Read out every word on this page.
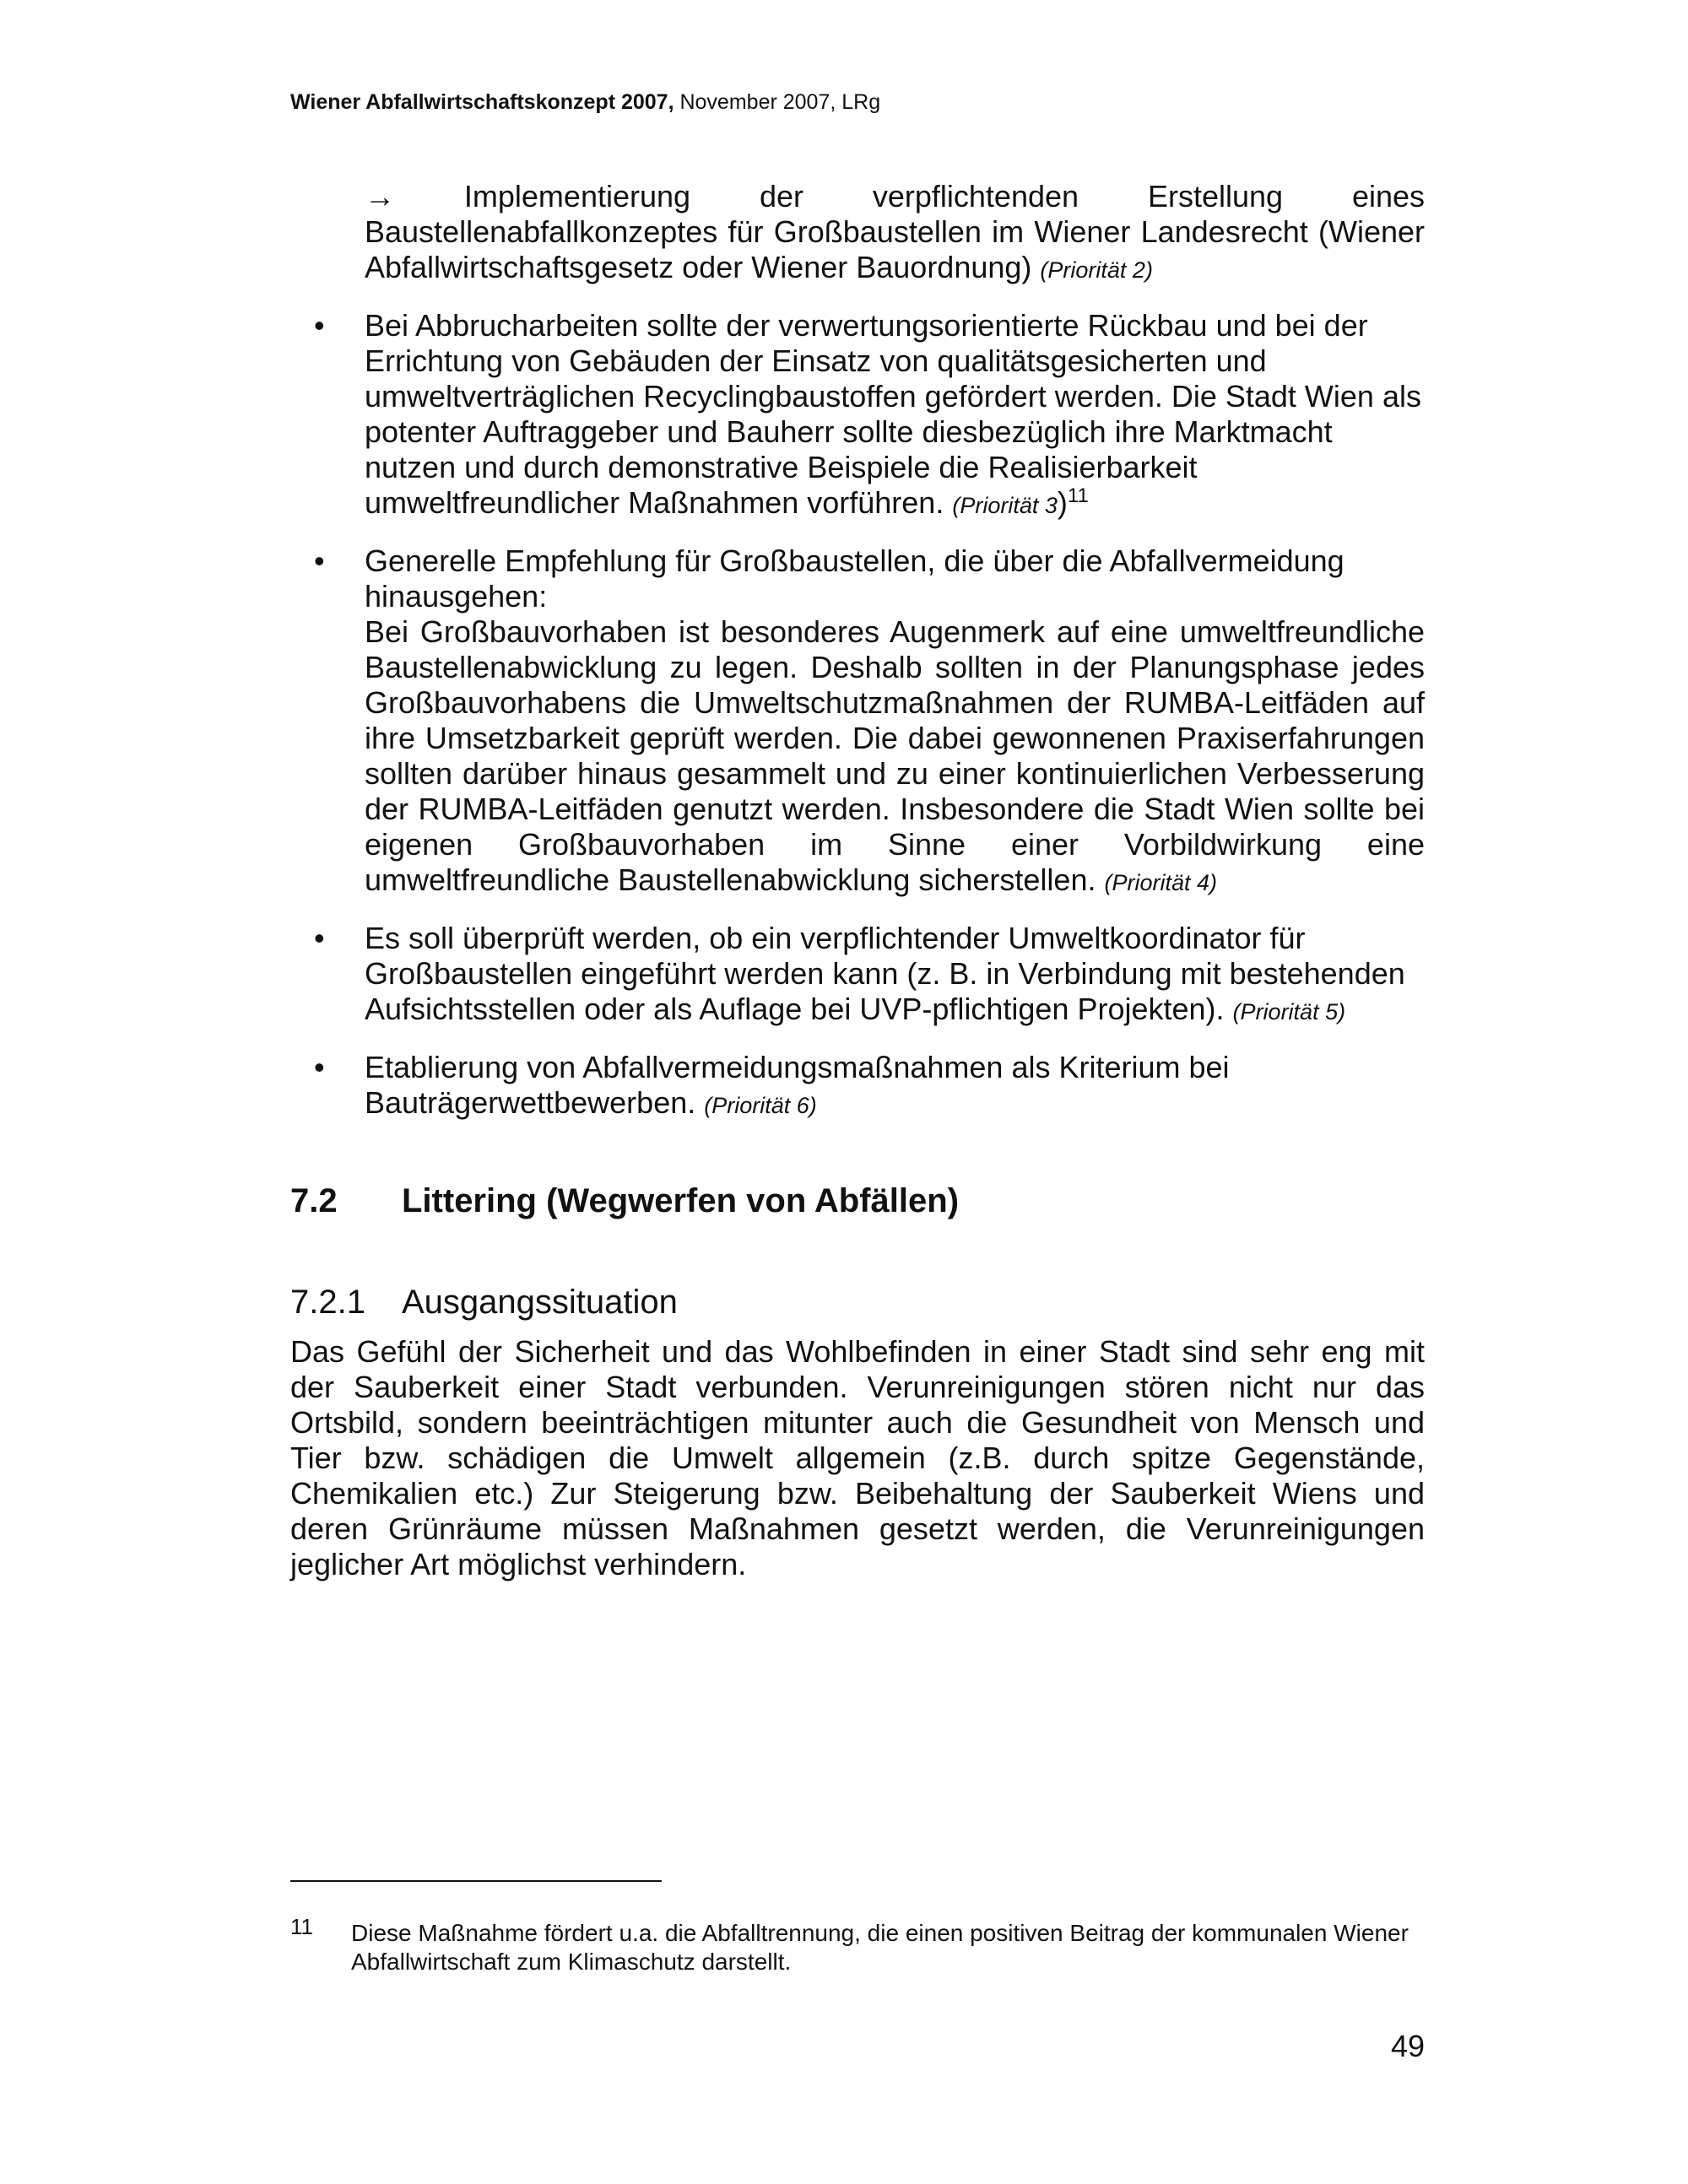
Wiener Abfallwirtschaftskonzept 2007, November 2007, LRg
→ Implementierung der verpflichtenden Erstellung eines Baustellenabfallkonzeptes für Großbaustellen im Wiener Landesrecht (Wiener Abfallwirtschaftsgesetz oder Wiener Bauordnung) (Priorität 2)
• Bei Abbrucharbeiten sollte der verwertungsorientierte Rückbau und bei der Errichtung von Gebäuden der Einsatz von qualitätsgesicherten und umweltverträglichen Recyclingbaustoffen gefördert werden. Die Stadt Wien als potenter Auftraggeber und Bauherr sollte diesbezüglich ihre Marktmacht nutzen und durch demonstrative Beispiele die Realisierbarkeit umweltfreundlicher Maßnahmen vorführen. (Priorität 3)$^{11}$
• Generelle Empfehlung für Großbaustellen, die über die Abfallvermeidung hinausgehen:
Bei Großbauvorhaben ist besonderes Augenmerk auf eine umweltfreundliche Baustellenabwicklung zu legen. Deshalb sollten in der Planungsphase jedes Großbauvorhabens die Umweltschutzmaßnahmen der RUMBA-Leitfäden auf ihre Umsetzbarkeit geprüft werden. Die dabei gewonnenen Praxiserfahrungen sollten darüber hinaus gesammelt und zu einer kontinuierlichen Verbesserung der RUMBA-Leitfäden genutzt werden. Insbesondere die Stadt Wien sollte bei eigenen Großbauvorhaben im Sinne einer Vorbildwirkung eine umweltfreundliche Baustellenabwicklung sicherstellen. (Priorität 4)
• Es soll überprüft werden, ob ein verpflichtender Umweltkoordinator für Großbaustellen eingeführt werden kann (z. B. in Verbindung mit bestehenden Aufsichtsstellen oder als Auflage bei UVP-pflichtigen Projekten). (Priorität 5)
• Etablierung von Abfallvermeidungsmaßnahmen als Kriterium bei Bauträgerwettbewerben. (Priorität 6)
7.2	Littering (Wegwerfen von Abfällen)
7.2.1	Ausgangssituation

Das Gefühl der Sicherheit und das Wohlbefinden in einer Stadt sind sehr eng mit der Sauberkeit einer Stadt verbunden. Verunreinigungen stören nicht nur das Ortsbild, sondern beeinträchtigen mitunter auch die Gesundheit von Mensch und Tier bzw. schädigen die Umwelt allgemein (z.B. durch spitze Gegenstände, Chemikalien etc.) Zur Steigerung bzw. Beibehaltung der Sauberkeit Wiens und deren Grünräume müssen Maßnahmen gesetzt werden, die Verunreinigungen jeglicher Art möglichst verhindern.

11	Diese Maßnahme fördert u.a. die Abfalltrennung, die einen positiven Beitrag der kommunalen Wiener Abfallwirtschaft zum Klimaschutz darstellt.
49
